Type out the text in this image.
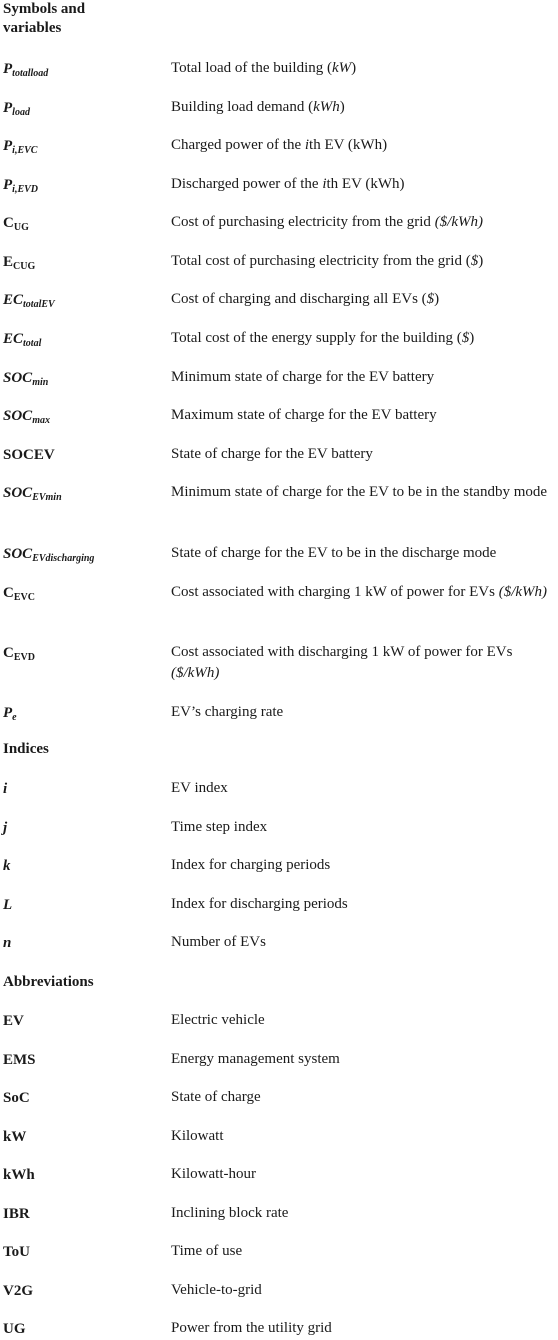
Symbols and variables
$P_{totalload}$	Total load of the building (kW)
$P_{load}$	Building load demand (kWh)
$P_{i,EVC}$	Charged power of the ith EV (kWh)
$P_{i,EVD}$	Discharged power of the ith EV (kWh)
$C_{UG}$	Cost of purchasing electricity from the grid ($/kWh)
$E_{CUG}$	Total cost of purchasing electricity from the grid ($)
$EC_{totalEV}$	Cost of charging and discharging all EVs ($)
$EC_{total}$	Total cost of the energy supply for the building ($)
$SOC_{min}$	Minimum state of charge for the EV battery
$SOC_{max}$	Maximum state of charge for the EV battery
SOCEV	State of charge for the EV battery
$SOC_{EVmin}$	Minimum state of charge for the EV to be in the standby mode
$SOC_{EVdischarging}$	State of charge for the EV to be in the discharge mode
$C_{EVC}$	Cost associated with charging 1 kW of power for EVs ($/kWh)
$C_{EVD}$	Cost associated with discharging 1 kW of power for EVs ($/kWh)
$P_e$	EV’s charging rate
Indices
i	EV index
j	Time step index
k	Index for charging periods
L	Index for discharging periods
n	Number of EVs
Abbreviations
EV	Electric vehicle
EMS	Energy management system
SoC	State of charge
kW	Kilowatt
kWh	Kilowatt-hour
IBR	Inclining block rate
ToU	Time of use
V2G	Vehicle-to-grid
UG	Power from the utility grid
